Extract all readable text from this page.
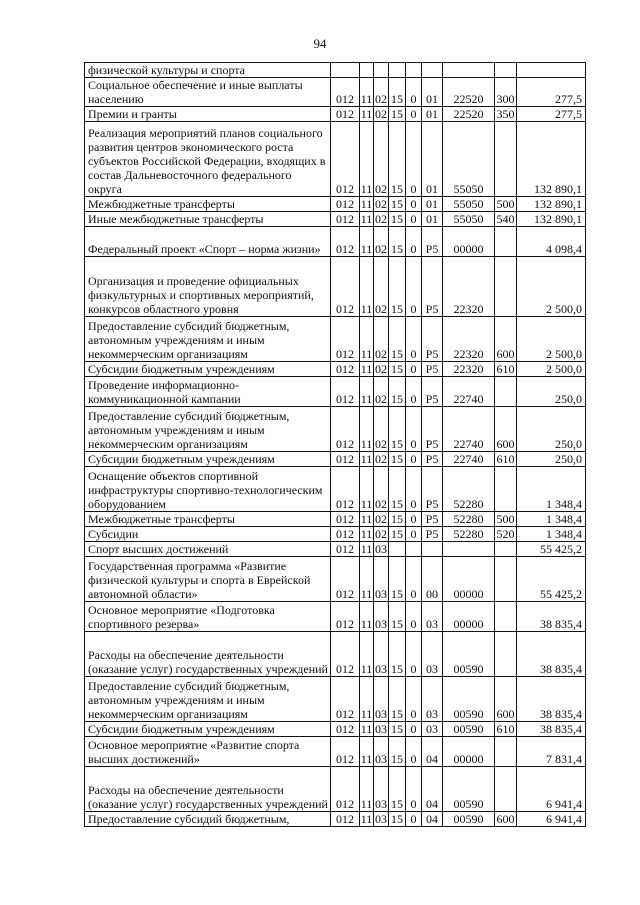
94
физической культуры и спорта									
Социальное обеспечение и иные выплаты населению	012	11	02	15	0	01	22520	300	277,5
Премии и гранты	012	11	02	15	0	01	22520	350	277,5
Реализация мероприятий планов социального развития центров экономического роста субъектов Российской Федерации, входящих в состав Дальневосточного федерального округа	012	11	02	15	0	01	55050		132 890,1
Межбюджетные трансферты	012	11	02	15	0	01	55050	500	132 890,1
Иные межбюджетные трансферты	012	11	02	15	0	01	55050	540	132 890,1
Федеральный проект «Спорт – норма жизни»	012	11	02	15	0	P5	00000		4 098,4
Организация и проведение официальных физкультурных и спортивных мероприятий, конкурсов областного уровня	012	11	02	15	0	P5	22320		2 500,0
Предоставление субсидий бюджетным, автономным учреждениям и иным некоммерческим организациям	012	11	02	15	0	P5	22320	600	2 500,0
Субсидии бюджетным учреждениям	012	11	02	15	0	P5	22320	610	2 500,0
Проведение информационно-коммуникационной кампании	012	11	02	15	0	P5	22740		250,0
Предоставление субсидий бюджетным, автономным учреждениям и иным некоммерческим организациям	012	11	02	15	0	P5	22740	600	250,0
Субсидии бюджетным учреждениям	012	11	02	15	0	P5	22740	610	250,0
Оснащение объектов спортивной инфраструктуры спортивно-технологическим оборудованием	012	11	02	15	0	P5	52280		1 348,4
Межбюджетные трансферты	012	11	02	15	0	P5	52280	500	1 348,4
Субсидии	012	11	02	15	0	P5	52280	520	1 348,4
Спорт высших достижений	012	11	03						55 425,2
Государственная программа «Развитие физической культуры и спорта в Еврейской автономной области»	012	11	03	15	0	00	00000		55 425,2
Основное мероприятие «Подготовка спортивного резерва»	012	11	03	15	0	03	00000		38 835,4
Расходы на обеспечение деятельности (оказание услуг) государственных учреждений	012	11	03	15	0	03	00590		38 835,4
Предоставление субсидий бюджетным, автономным учреждениям и иным некоммерческим организациям	012	11	03	15	0	03	00590	600	38 835,4
Субсидии бюджетным учреждениям	012	11	03	15	0	03	00590	610	38 835,4
Основное мероприятие «Развитие спорта высших достижений»	012	11	03	15	0	04	00000		7 831,4
Расходы на обеспечение деятельности (оказание услуг) государственных учреждений	012	11	03	15	0	04	00590		6 941,4
Предоставление субсидий бюджетным,	012	11	03	15	0	04	00590	600	6 941,4
